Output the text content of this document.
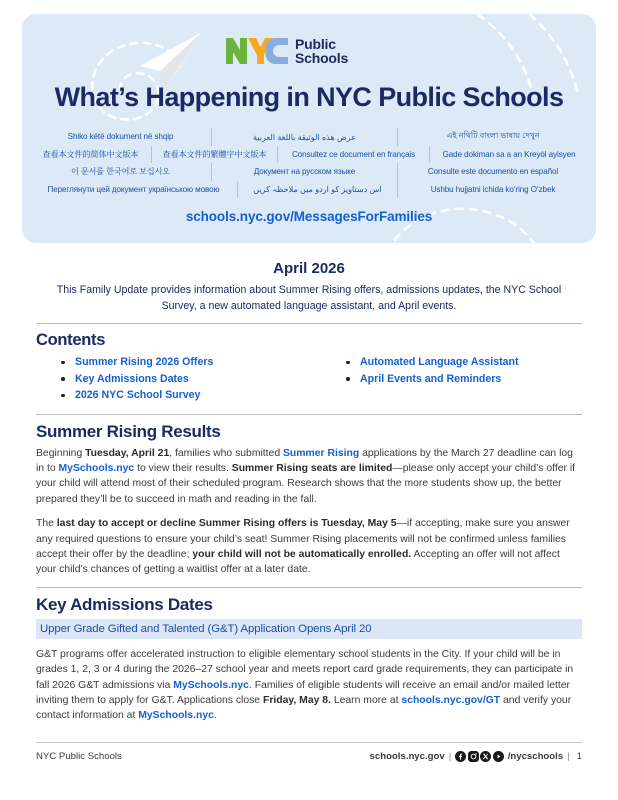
Public
Schools
What’s Happening in NYC Public Schools
Shiko këtë dokument në shqip	عرض هذه الوثيقة باللغة العربية	এই নথিটি বাংলা ভাষায় দেখুন
查看本文件的简体中文版本	查看本文件的繁體字中文版本	Consultez ce document en français	Gade dokiman sa a an Kreyòl ayisyen
이 문서를 한국어로 보십시오	Документ на русском языке	Consulte este documento en español
Переглянути цей документ українською мовою	اس دستاویز کو اردو میں ملاحظہ کریں	Ushbu hujjatni ichida ko‘ring O‘zbek
schools.nyc.gov/MessagesForFamilies
April 2026
This Family Update provides information about Summer Rising offers, admissions updates, the NYC School Survey, a new automated language assistant, and April events.
Contents
Summer Rising 2026 Offers
Key Admissions Dates
2026 NYC School Survey
Automated Language Assistant
April Events and Reminders
Summer Rising Results

Beginning Tuesday, April 21, families who submitted Summer Rising applications by the March 27 deadline can log in to MySchools.nyc to view their results. Summer Rising seats are limited—please only accept your child’s offer if your child will attend most of their scheduled program. Research shows that the more students show up, the better prepared they’ll be to succeed in math and reading in the fall.

The last day to accept or decline Summer Rising offers is Tuesday, May 5—if accepting, make sure you answer any required questions to ensure your child’s seat! Summer Rising placements will not be confirmed unless families accept their offer by the deadline; your child will not be automatically enrolled. Accepting an offer will not affect your child’s chances of getting a waitlist offer at a later date.

Key Admissions Dates
Upper Grade Gifted and Talented (G&T) Application Opens April 20

G&T programs offer accelerated instruction to eligible elementary school students in the City. If your child will be in grades 1, 2, 3 or 4 during the 2026–27 school year and meets report card grade requirements, they can participate in fall 2026 G&T admissions via MySchools.nyc. Families of eligible students will receive an email and/or mailed letter inviting them to apply for G&T. Applications close Friday, May 8. Learn more at schools.nyc.gov/GT and verify your contact information at MySchools.nyc.

NYC Public Schools	schools.nyc.gov |	/nycschools | 1
